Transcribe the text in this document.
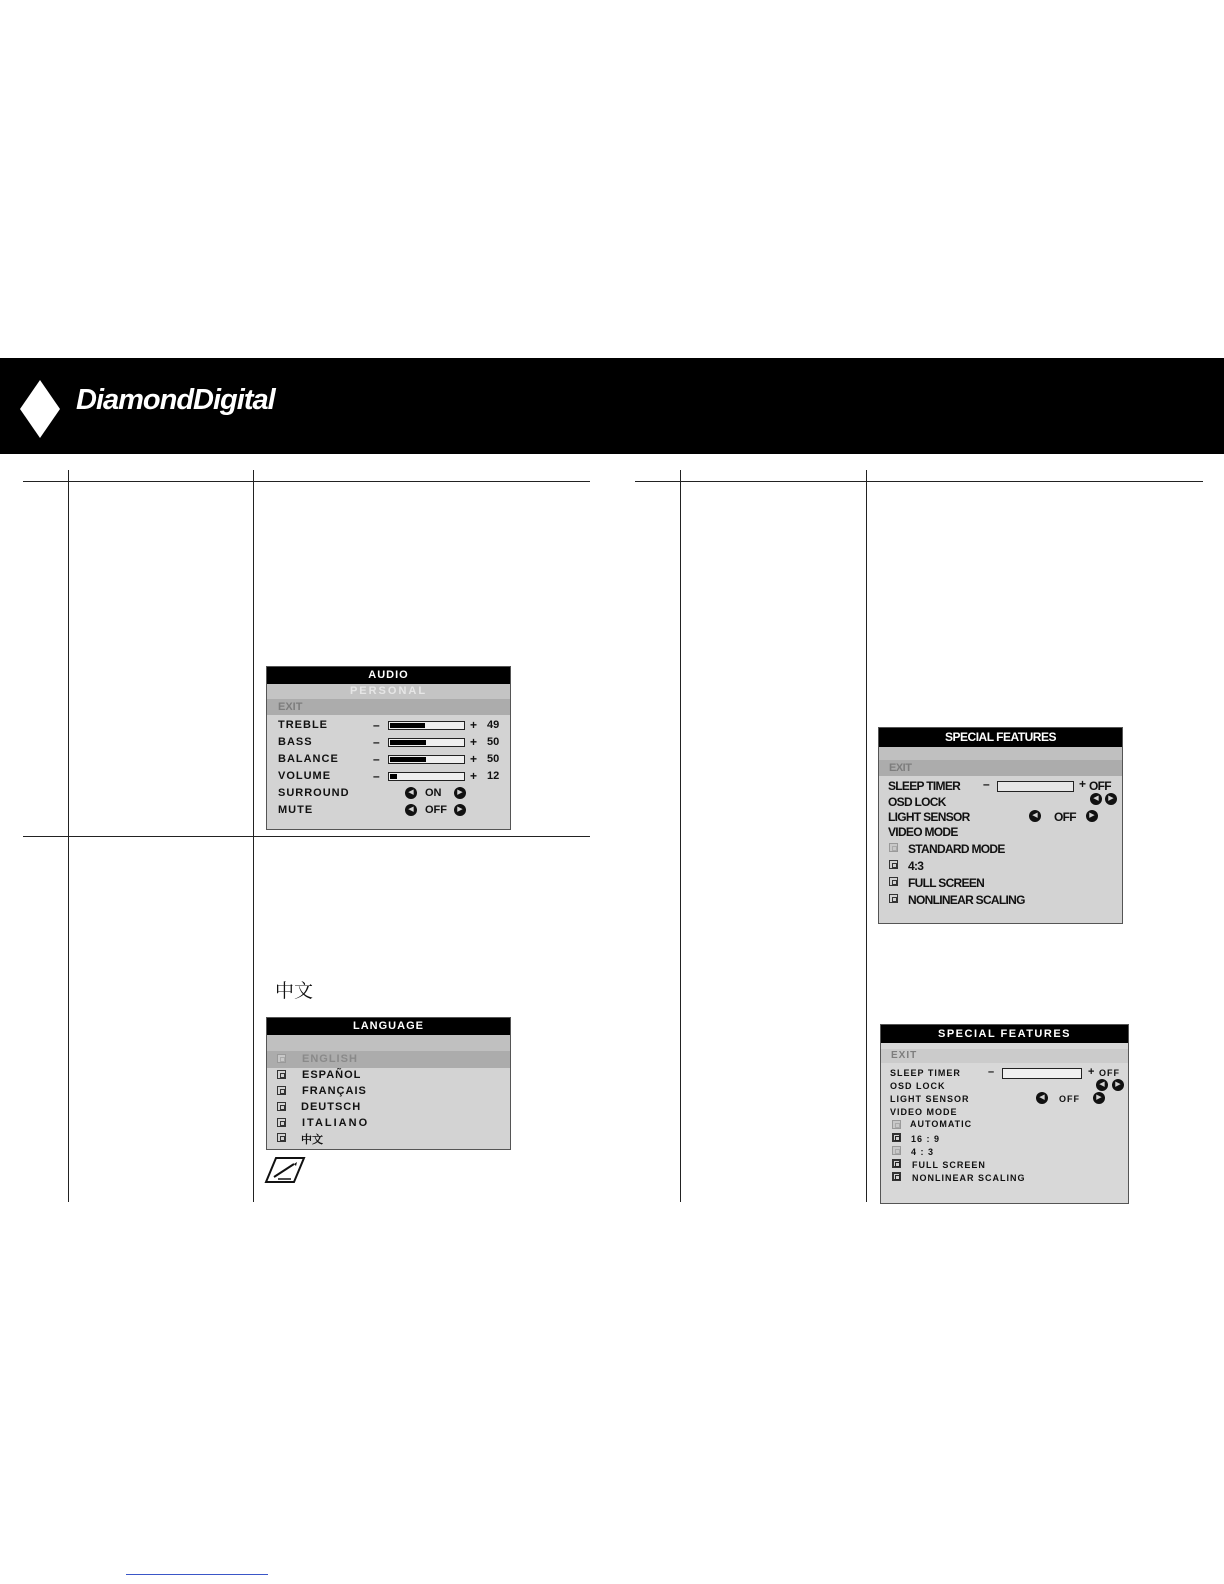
DiamondDigital
AUDIO
PERSONAL
EXIT
TREBLE	–	+ 49
BASS	–	+ 50
BALANCE	–	+ 50
VOLUME	–	+ 12
SURROUND	◀	ON	▶
MUTE	◀	OFF	▶
中文
LANGUAGE
ENGLISH
ESPAÑOL
FRANÇAIS
DEUTSCH
ITALIANO
中文
SPECIAL FEATURES
EXIT
SLEEP TIMER –	+ OFF
OSD LOCK	◀	▶
LIGHT SENSOR	◀ OFF	▶
VIDEO MODE
STANDARD MODE
4:3
FULL SCREEN
NONLINEAR SCALING
SPECIAL FEATURES
EXIT
SLEEP TIMER –	+ OFF
OSD LOCK	◀	▶
LIGHT SENSOR	◀	OFF	▶
VIDEO MODE
AUTOMATIC
16 : 9
4 : 3
FULL SCREEN
NONLINEAR SCALING
